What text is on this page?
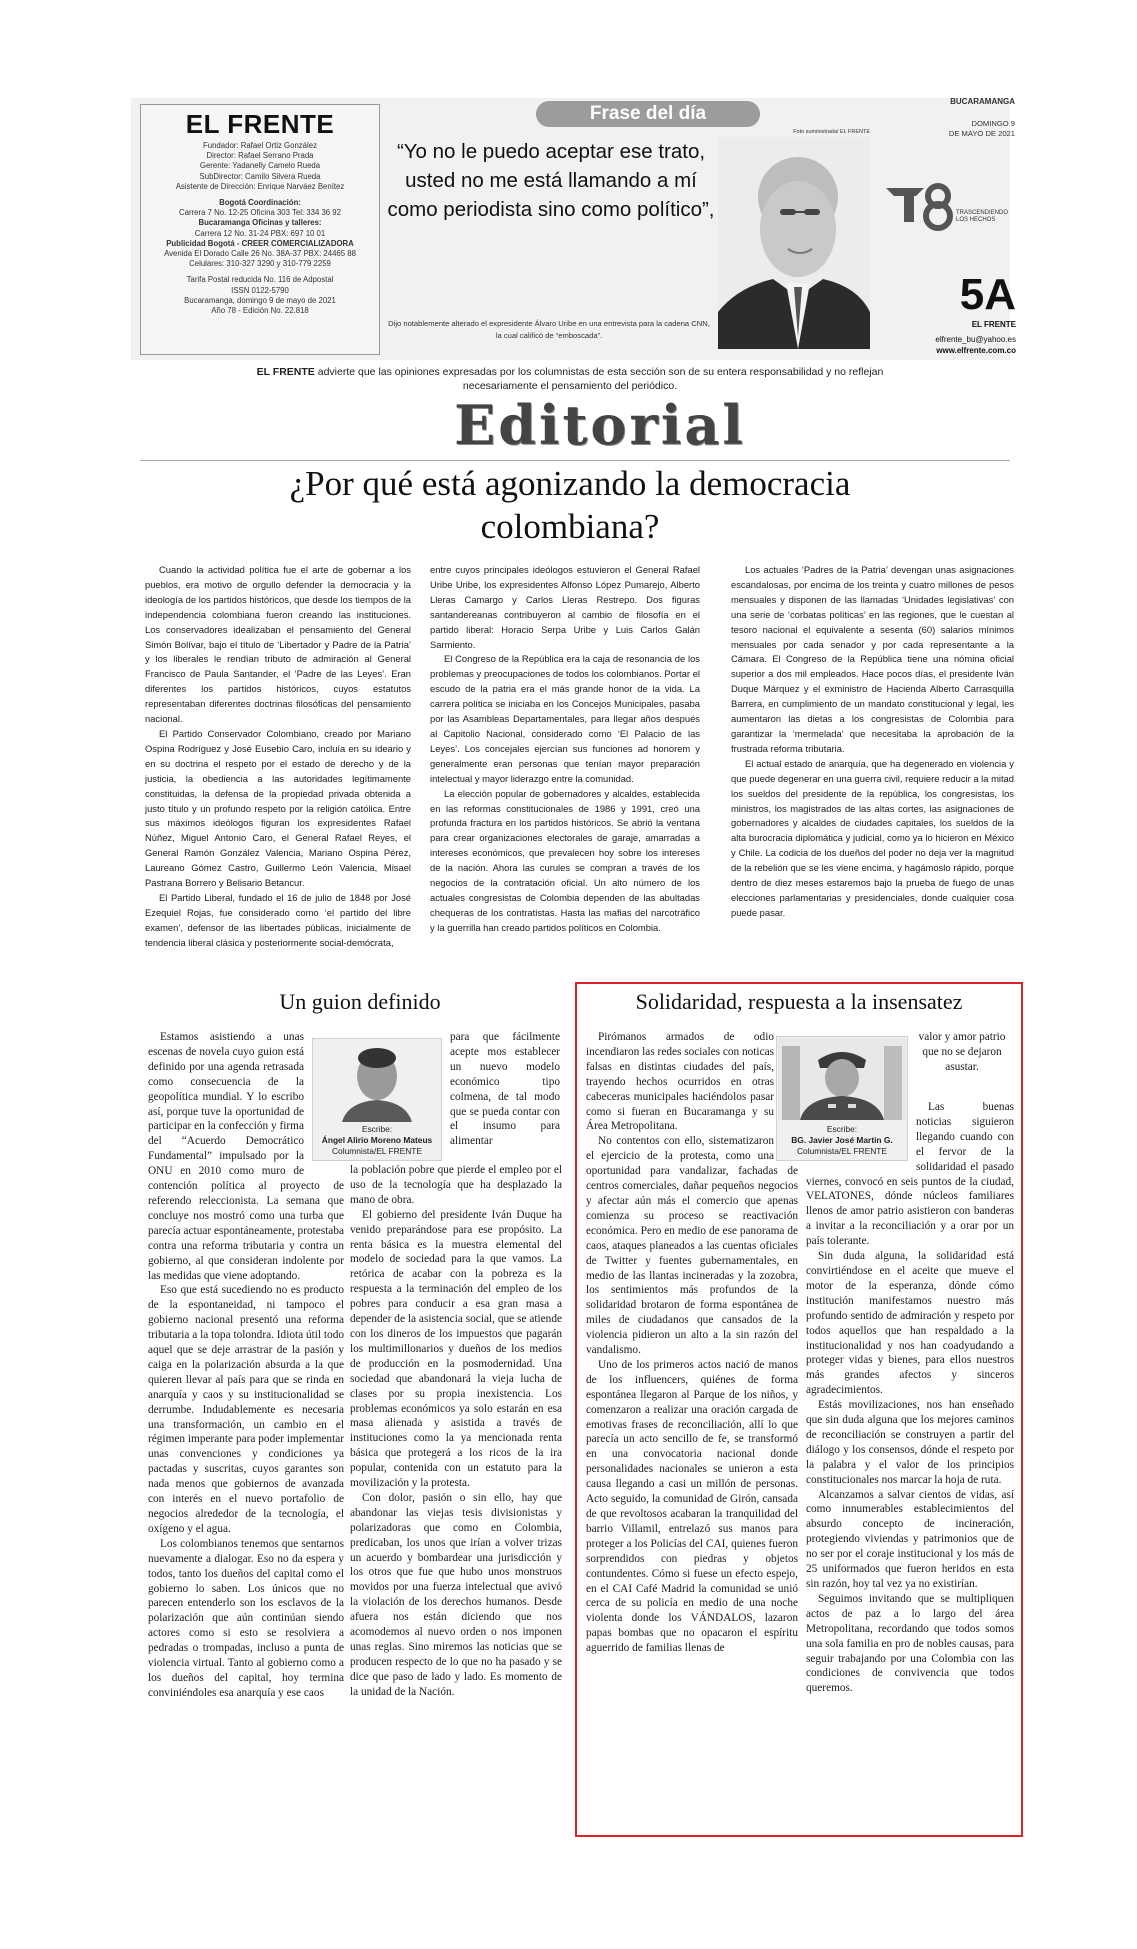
EL FRENTE
Fundador: Rafael Ortiz González
Director: Rafael Serrano Prada
Gerente: Yadanelly Camelo Rueda
SubDirector: Camilo Silvera Rueda
Asistente de Dirección: Enrique Narváez Benítez
Bogotá Coordinación:
Carrera 7 No. 12-25 Oficina 303 Tel: 334 36 92
Bucaramanga Oficinas y talleres:
Carrera 12 No. 31-24 PBX: 697 10 01
Publicidad Bogotá - CREER COMERCIALIZADORA
Avenida El Dorado Calle 26 No. 38A-37 PBX: 24465 88
Celulares: 310-327 3290 y 310-779 2259
Tarifa Postal reducida No. 116 de Adpostal
ISSN 0122-5790
Bucaramanga, domingo 9 de mayo de 2021
Año 78 - Edición No. 22.818
Frase del día
“Yo no le puedo aceptar ese trato, usted no me está llamando a mí como periodista sino como político”,
Foto suministrada/ EL FRENTE
Dijo notablemente alterado el expresidente Álvaro Uribe en una entrevista para la cadena CNN, la cual calificó de “emboscada”.
BUCARAMANGA
DOMINGO 9
DE MAYO DE 2021
TRASCENDIENDO LOS HECHOS
5A
EL FRENTE
elfrente_bu@yahoo.es
www.elfrente.com.co
EL FRENTE advierte que las opiniones expresadas por los columnistas de esta sección son de su entera responsabilidad y no reflejan necesariamente el pensamiento del periódico.
Editorial
¿Por qué está agonizando la democracia colombiana?

Cuando la actividad política fue el arte de gobernar a los pueblos, era motivo de orgullo defender la democracia y la ideología de los partidos históricos, que desde los tiempos de la independencia colombiana fueron creando las instituciones. Los conservadores idealizaban el pensamiento del General Simón Bolívar, bajo el título de ‘Libertador y Padre de la Patria’ y los liberales le rendían tributo de admiración al General Francisco de Paula Santander, el ‘Padre de las Leyes’. Eran diferentes los partidos históricos, cuyos estatutos representaban diferentes doctrinas filosóficas del pensamiento nacional.

El Partido Conservador Colombiano, creado por Mariano Ospina Rodríguez y José Eusebio Caro, incluía en su ideario y en su doctrina el respeto por el estado de derecho y de la justicia, la obediencia a las autoridades legítimamente constituidas, la defensa de la propiedad privada obtenida a justo título y un profundo respeto por la religión católica. Entre sus máximos ideólogos figuran los expresidentes Rafael Núñez, Miguel Antonio Caro, el General Rafael Reyes, el General Ramón González Valencia, Mariano Ospina Pérez, Laureano Gómez Castro, Guillermo León Valencia, Misael Pastrana Borrero y Belisario Betancur.

El Partido Liberal, fundado el 16 de julio de 1848 por José Ezequiel Rojas, fue considerado como ‘el partido del libre examen’, defensor de las libertades públicas, inicialmente de tendencia liberal clásica y posteriormente social-demócrata,

entre cuyos principales ideólogos estuvieron el General Rafael Uribe Uribe, los expresidentes Alfonso López Pumarejo, Alberto Lleras Camargo y Carlos Lleras Restrepo. Dos figuras santandereanas contribuyeron al cambio de filosofía en el partido liberal: Horacio Serpa Uribe y Luis Carlos Galán Sarmiento.

El Congreso de la República era la caja de resonancia de los problemas y preocupaciones de todos los colombianos. Portar el escudo de la patria era el más grande honor de la vida. La carrera política se iniciaba en los Concejos Municipales, pasaba por las Asambleas Departamentales, para llegar años después al Capitolio Nacional, considerado como ‘El Palacio de las Leyes’. Los concejales ejercían sus funciones ad honorem y generalmente eran personas que tenían mayor preparación intelectual y mayor liderazgo entre la comunidad.

La elección popular de gobernadores y alcaldes, establecida en las reformas constitucionales de 1986 y 1991, creó una profunda fractura en los partidos históricos. Se abrió la ventana para crear organizaciones electorales de garaje, amarradas a intereses económicos, que prevalecen hoy sobre los intereses de la nación. Ahora las curules se compran a través de los negocios de la contratación oficial. Un alto número de los actuales congresistas de Colombia dependen de las abultadas chequeras de los contratistas. Hasta las mafias del narcotráfico y la guerrilla han creado partidos políticos en Colombia.

Los actuales ‘Padres de la Patria’ devengan unas asignaciones escandalosas, por encima de los treinta y cuatro millones de pesos mensuales y disponen de las llamadas ‘Unidades legislativas’ con una serie de ‘corbatas políticas’ en las regiones, que le cuestan al tesoro nacional el equivalente a sesenta (60) salarios mínimos mensuales por cada senador y por cada representante a la Cámara. El Congreso de la República tiene una nómina oficial superior a dos mil empleados. Hace pocos días, el presidente Iván Duque Márquez y el exministro de Hacienda Alberto Carrasquilla Barrera, en cumplimiento de un mandato constitucional y legal, les aumentaron las dietas a los congresistas de Colombia para garantizar la ‘mermelada’ que necesitaba la aprobación de la frustrada reforma tributaria.

El actual estado de anarquía, que ha degenerado en violencia y que puede degenerar en una guerra civil, requiere reducir a la mitad los sueldos del presidente de la república, los congresistas, los ministros, los magistrados de las altas cortes, las asignaciones de gobernadores y alcaldes de ciudades capitales, los sueldos de la alta burocracia diplomática y judicial, como ya lo hicieron en México y Chile. La codicia de los dueños del poder no deja ver la magnitud de la rebelión que se les viene encima, y hagámoslo rápido, porque dentro de diez meses estaremos bajo la prueba de fuego de unas elecciones parlamentarias y presidenciales, donde cualquier cosa puede pasar.

Un guion definido
Escribe:
Ángel Alirio Moreno Mateus
Columnista/EL FRENTE

Estamos asistiendo a unas escenas de novela cuyo guion está definido por una agenda retrasada como consecuencia de la geopolítica mundial. Y lo escribo así, porque tuve la oportunidad de participar en la confección y firma del “Acuerdo Democrático Fundamental” impulsado por la ONU en 2010 como muro de contención política al proyecto de referendo releccionista. La semana que concluye nos mostró como una turba que parecía actuar espontáneamente, protestaba contra una reforma tributaria y contra un gobierno, al que consideran indolente por las medidas que viene adoptando.

Eso que está sucediendo no es producto de la espontaneidad, ni tampoco el gobierno nacional presentó una reforma tributaria a la topa tolondra. Idiota útil todo aquel que se deje arrastrar de la pasión y caiga en la polarización absurda a la que quieren llevar al país para que se rinda en anarquía y caos y su institucionalidad se derrumbe. Indudablemente es necesaria una transformación, un cambio en el régimen imperante para poder implementar unas convenciones y condiciones ya pactadas y suscritas, cuyos garantes son nada menos que gobiernos de avanzada con interés en el nuevo portafolio de negocios alrededor de la tecnología, el oxígeno y el agua.

Los colombianos tenemos que sentarnos nuevamente a dialogar. Eso no da espera y todos, tanto los dueños del capital como el gobierno lo saben. Los únicos que no parecen entenderlo son los esclavos de la polarización que aún continúan siendo actores como si esto se resolviera a pedradas o trompadas, incluso a punta de violencia virtual. Tanto al gobierno como a los dueños del capital, hoy termina conviniéndoles esa anarquía y ese caos

para que fácilmente acepte mos establecer un nuevo modelo económico tipo colmena, de tal modo que se pueda contar con el insumo para alimentar

la población pobre que pierde el empleo por el uso de la tecnología que ha desplazado la mano de obra.

El gobierno del presidente Iván Duque ha venido preparándose para ese propósito. La renta básica es la muestra elemental del modelo de sociedad para la que vamos. La retórica de acabar con la pobreza es la respuesta a la terminación del empleo de los pobres para conducir a esa gran masa a depender de la asistencia social, que se atiende con los dineros de los impuestos que pagarán los multimillonarios y dueños de los medios de producción en la posmodernidad. Una sociedad que abandonará la vieja lucha de clases por su propia inexistencia. Los problemas económicos ya solo estarán en esa masa alienada y asistida a través de instituciones como la ya mencionada renta básica que protegerá a los ricos de la ira popular, contenida con un estatuto para la movilización y la protesta.

Con dolor, pasión o sin ello, hay que abandonar las viejas tesis divisionistas y polarizadoras que como en Colombia, predicaban, los unos que irían a volver trizas un acuerdo y bombardear una jurisdicción y los otros que fue que hubo unos monstruos movidos por una fuerza intelectual que avivó la violación de los derechos humanos. Desde afuera nos están diciendo que nos acomodemos al nuevo orden o nos imponen unas reglas. Sino miremos las noticias que se producen respecto de lo que no ha pasado y se dice que paso de lado y lado. Es momento de la unidad de la Nación.

Solidaridad, respuesta a la insensatez
Escribe:
BG. Javier José Martin G.
Columnista/EL FRENTE

Pirómanos armados de odio incendiaron las redes sociales con noticas falsas en distintas ciudades del país, trayendo hechos ocurridos en otras cabeceras municipales haciéndolos pasar como si fueran en Bucaramanga y su Área Metropolitana.

No contentos con ello, sistematizaron el ejercicio de la protesta, como una oportunidad para vandalizar, fachadas de centros comerciales, dañar pequeños negocios y afectar aún más el comercio que apenas comienza su proceso se reactivación económica. Pero en medio de ese panorama de caos, ataques planeados a las cuentas oficiales de Twitter y fuentes gubernamentales, en medio de las llantas incineradas y la zozobra, los sentimientos más profundos de la solidaridad brotaron de forma espontánea de miles de ciudadanos que cansados de la violencia pidieron un alto a la sin razón del vandalismo.

Uno de los primeros actos nació de manos de los influencers, quiénes de forma espontánea llegaron al Parque de los niños, y comenzaron a realizar una oración cargada de emotivas frases de reconciliación, allí lo que parecía un acto sencillo de fe, se transformó en una convocatoria nacional donde personalidades nacionales se unieron a esta causa llegando a casi un millón de personas. Acto seguido, la comunidad de Girón, cansada de que revoltosos acabaran la tranquilidad del barrio Villamil, entrelazó sus manos para proteger a los Policías del CAI, quienes fueron sorprendidos con piedras y objetos contundentes. Cómo si fuese un efecto espejo, en el CAI Café Madrid la comunidad se unió cerca de su policía en medio de una noche violenta donde los VÁNDALOS, lazaron papas bombas que no opacaron el espíritu aguerrido de familias llenas de

valor y amor patrio que no se dejaron asustar.

Las buenas noticias siguieron llegando cuando con el fervor de la solidaridad el pasado viernes, convocó en seis puntos de la ciudad, VELATONES, dónde núcleos familiares llenos de amor patrio asistieron con banderas a invitar a la reconciliación y a orar por un país tolerante.

Sin duda alguna, la solidaridad está convirtiéndose en el aceite que mueve el motor de la esperanza, dónde cómo institución manifestamos nuestro más profundo sentido de admiración y respeto por todos aquellos que han respaldado a la institucionalidad y nos han coadyudando a proteger vidas y bienes, para ellos nuestros más grandes afectos y sinceros agradecimientos.

Estás movilizaciones, nos han enseñado que sin duda alguna que los mejores caminos de reconciliación se construyen a partir del diálogo y los consensos, dónde el respeto por la palabra y el valor de los principios constitucionales nos marcar la hoja de ruta.

Alcanzamos a salvar cientos de vidas, así como innumerables establecimientos del absurdo concepto de incineración, protegiendo viviendas y patrimonios que de no ser por el coraje institucional y los más de 25 uniformados que fueron heridos en esta sin razón, hoy tal vez ya no existirían.

Seguimos invitando que se multipliquen actos de paz a lo largo del área Metropolitana, recordando que todos somos una sola familia en pro de nobles causas, para seguir trabajando por una Colombia con las condiciones de convivencia que todos queremos.
